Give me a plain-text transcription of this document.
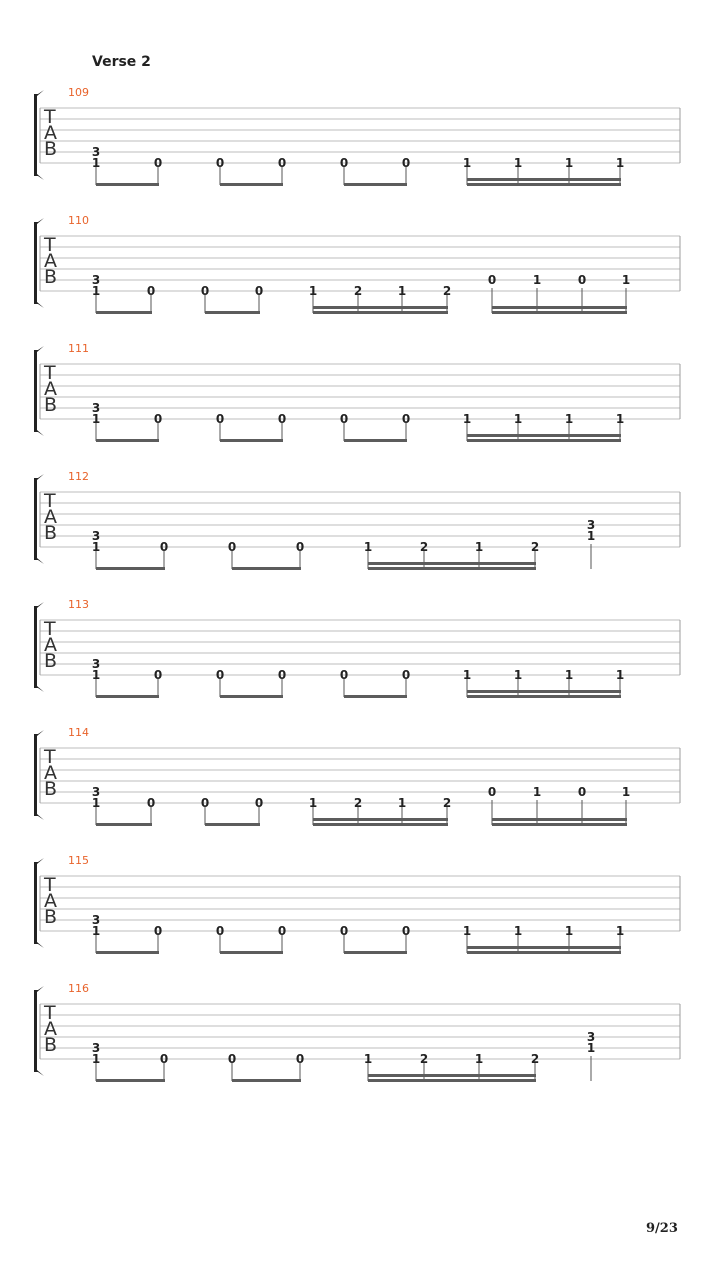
Verse 2
T
A
B
109
1
3
0	0	0	0	0	1	1	1	1
T
A
B
110
1
3
0	0	0	1	2	1	2
0	1	0	1
T
A
B
111
1
3
0	0	0	0	0	1	1	1	1
T
A
B
112
1
3
0	0	0	1	2	1	2
1
3
T
A
B
113
1
3
0	0	0	0	0	1	1	1	1
T
A
B
114
1
3
0	0	0	1	2	1	2
0	1	0	1
T
A
B
115
1
3
0	0	0	0	0	1	1	1	1
T
A
B
116
1
3
0	0	0	1	2	1	2
1
3
9/23
